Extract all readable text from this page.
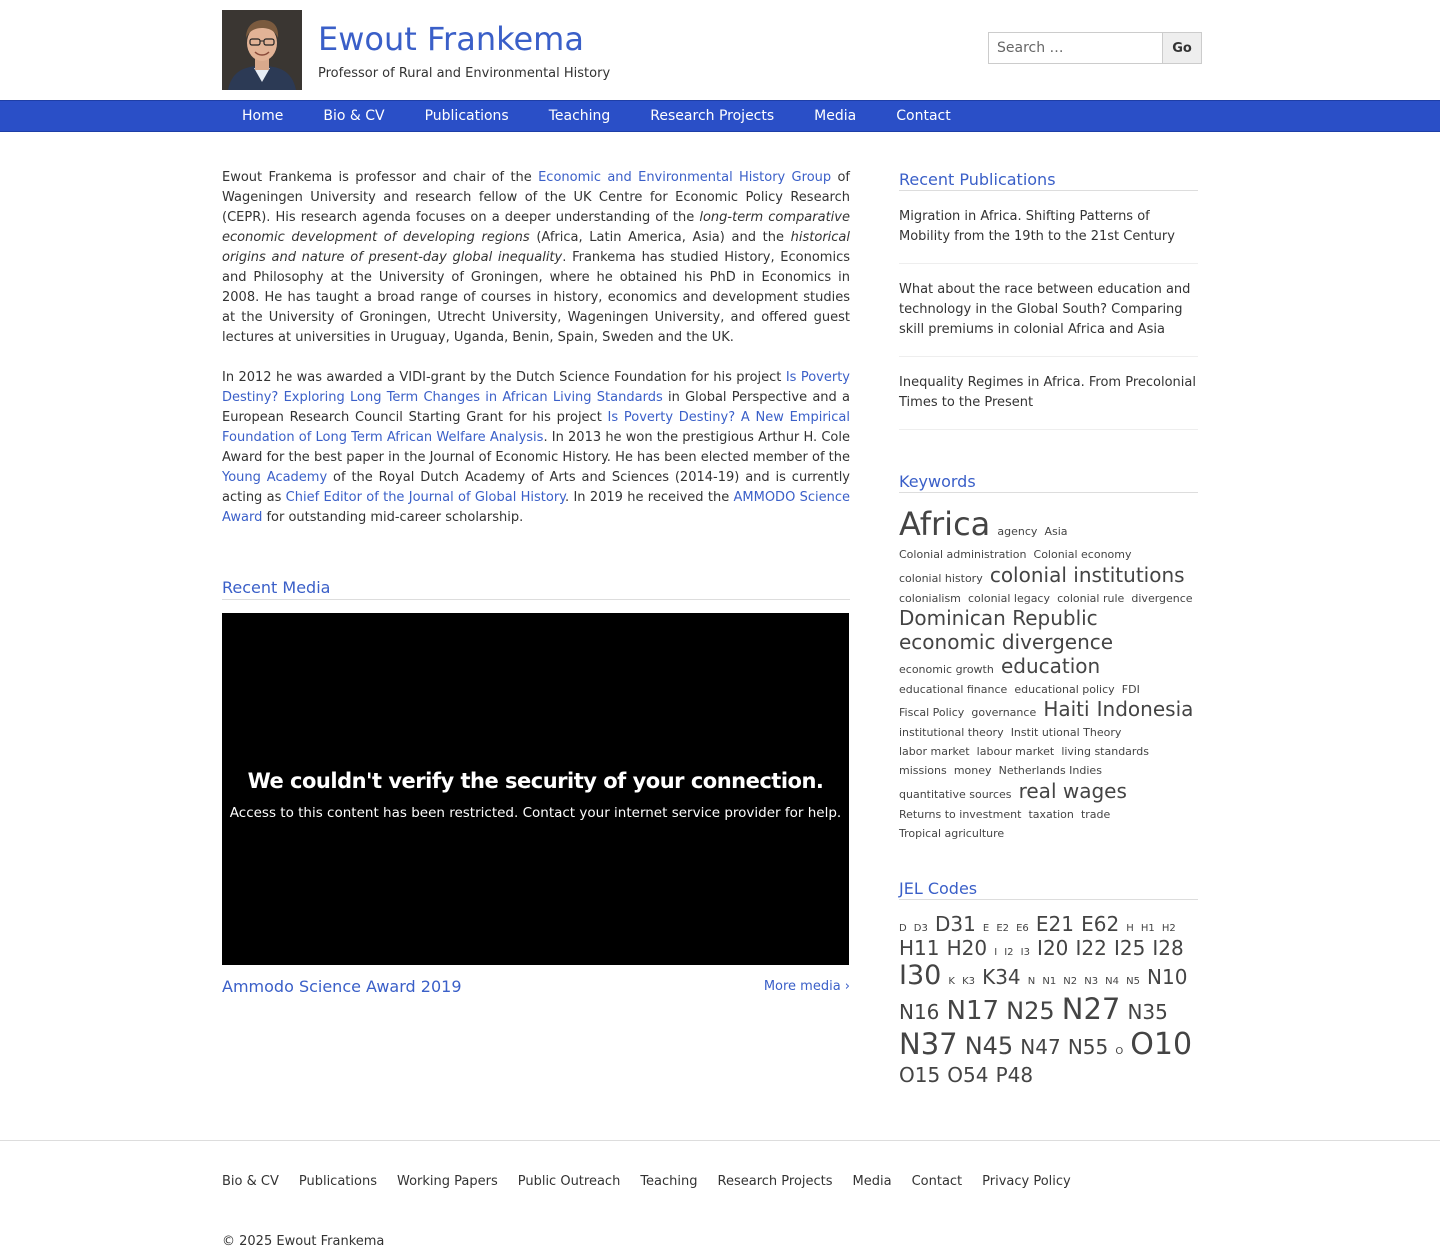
Ewout Frankema
Professor of Rural and Environmental History
Search …
Go
Home	Bio & CV	Publications	Teaching	Research Projects	Media	Contact

Ewout Frankema is professor and chair of the Economic and Environmental History Group of Wageningen University and research fellow of the UK Centre for Economic Policy Research (CEPR). His research agenda focuses on a deeper understanding of the long-term comparative economic development of developing regions (Africa, Latin America, Asia) and the historical origins and nature of present-day global inequality. Frankema has studied History, Economics and Philosophy at the University of Groningen, where he obtained his PhD in Economics in 2008. He has taught a broad range of courses in history, economics and development studies at the University of Groningen, Utrecht University, Wageningen University, and offered guest lectures at universities in Uruguay, Uganda, Benin, Spain, Sweden and the UK.

In 2012 he was awarded a VIDI-grant by the Dutch Science Foundation for his project Is Poverty Destiny? Exploring Long Term Changes in African Living Standards in Global Perspective and a European Research Council Starting Grant for his project Is Poverty Destiny? A New Empirical Foundation of Long Term African Welfare Analysis. In 2013 he won the prestigious Arthur H. Cole Award for the best paper in the Journal of Economic History. He has been elected member of the Young Academy of the Royal Dutch Academy of Arts and Sciences (2014-19) and is currently acting as Chief Editor of the Journal of Global History. In 2019 he received the AMMODO Science Award for outstanding mid-career scholarship.

Recent Media
We couldn't verify the security of your connection.
Access to this content has been restricted. Contact your internet service provider for help.
Ammodo Science Award 2019	More media ›
Recent Publications
Migration in Africa. Shifting Patterns of Mobility from the 19th to the 21st Century
What about the race between education and technology in the Global South? Comparing skill premiums in colonial Africa and Asia
Inequality Regimes in Africa. From Precolonial Times to the Present
Keywords
Africa agency Asia Colonial administration Colonial economy colonial history colonial institutions colonialism colonial legacy colonial rule divergence Dominican Republic economic divergence economic growth education educational finance educational policy FDI Fiscal Policy governance Haiti Indonesia institutional theory Instit utional Theory labor market labour market living standards missions money Netherlands Indies quantitative sources real wages Returns to investment taxation trade Tropical agriculture
JEL Codes
D D3 D31 E E2 E6 E21 E62 H H1 H2 H11 H20 I I2 I3 I20 I22 I25 I28 I30 K K3 K34 N N1 N2 N3 N4 N5 N10 N16 N17 N25 N27 N35 N37 N45 N47 N55 O O10 O15 O54 P48
Bio & CV Publications Working Papers Public Outreach Teaching Research Projects Media Contact Privacy Policy
© 2025 Ewout Frankema
